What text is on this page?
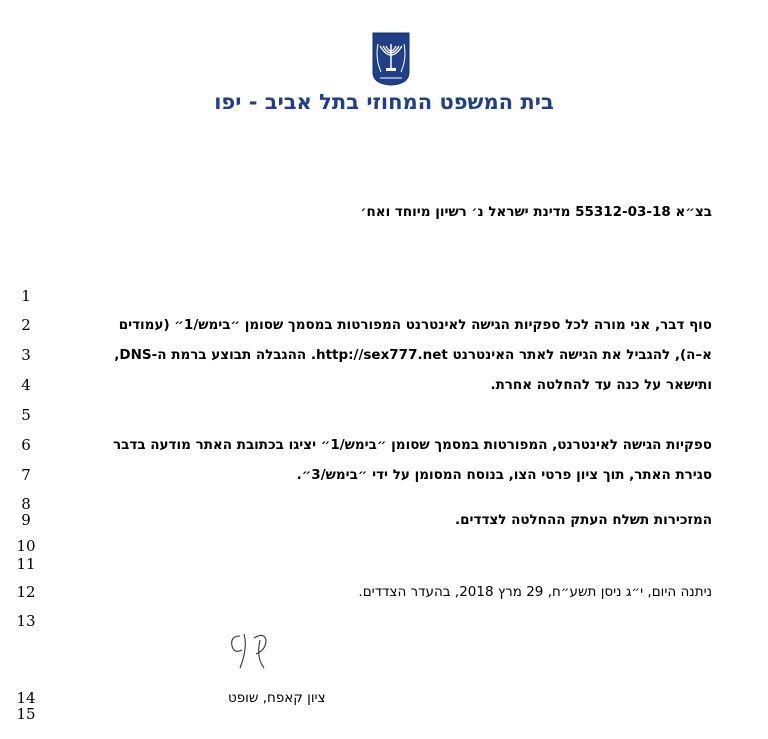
בית המשפט המחוזי בתל אביב - יפו
בצ״א 55312-03-18 מדינת ישראל נ׳ רשיון מיוחד ואח׳
1
2
3
4
5
6
7
8
9
10
11
12
13
14
15
סוף דבר, אני מורה לכל ספקיות הגישה לאינטרנט המפורטות במסמך שסומן ״בימש/1״ (עמודים
א–ה), להגביל את הגישה לאתר האינטרנט http://sex777.net. ההגבלה תבוצע ברמת ה-DNS,
ותישאר על כנה עד להחלטה אחרת.
ספקיות הגישה לאינטרנט, המפורטות במסמך שסומן ״בימש/1״ יציגו בכתובת האתר מודעה בדבר
סגירת האתר, תוך ציון פרטי הצו, בנוסח המסומן על ידי ״בימש/3״.
המזכירות תשלח העתק ההחלטה לצדדים.
ניתנה היום, י״ג ניסן תשע״ח, 29 מרץ 2018, בהעדר הצדדים.
ציון קאפח, שופט
